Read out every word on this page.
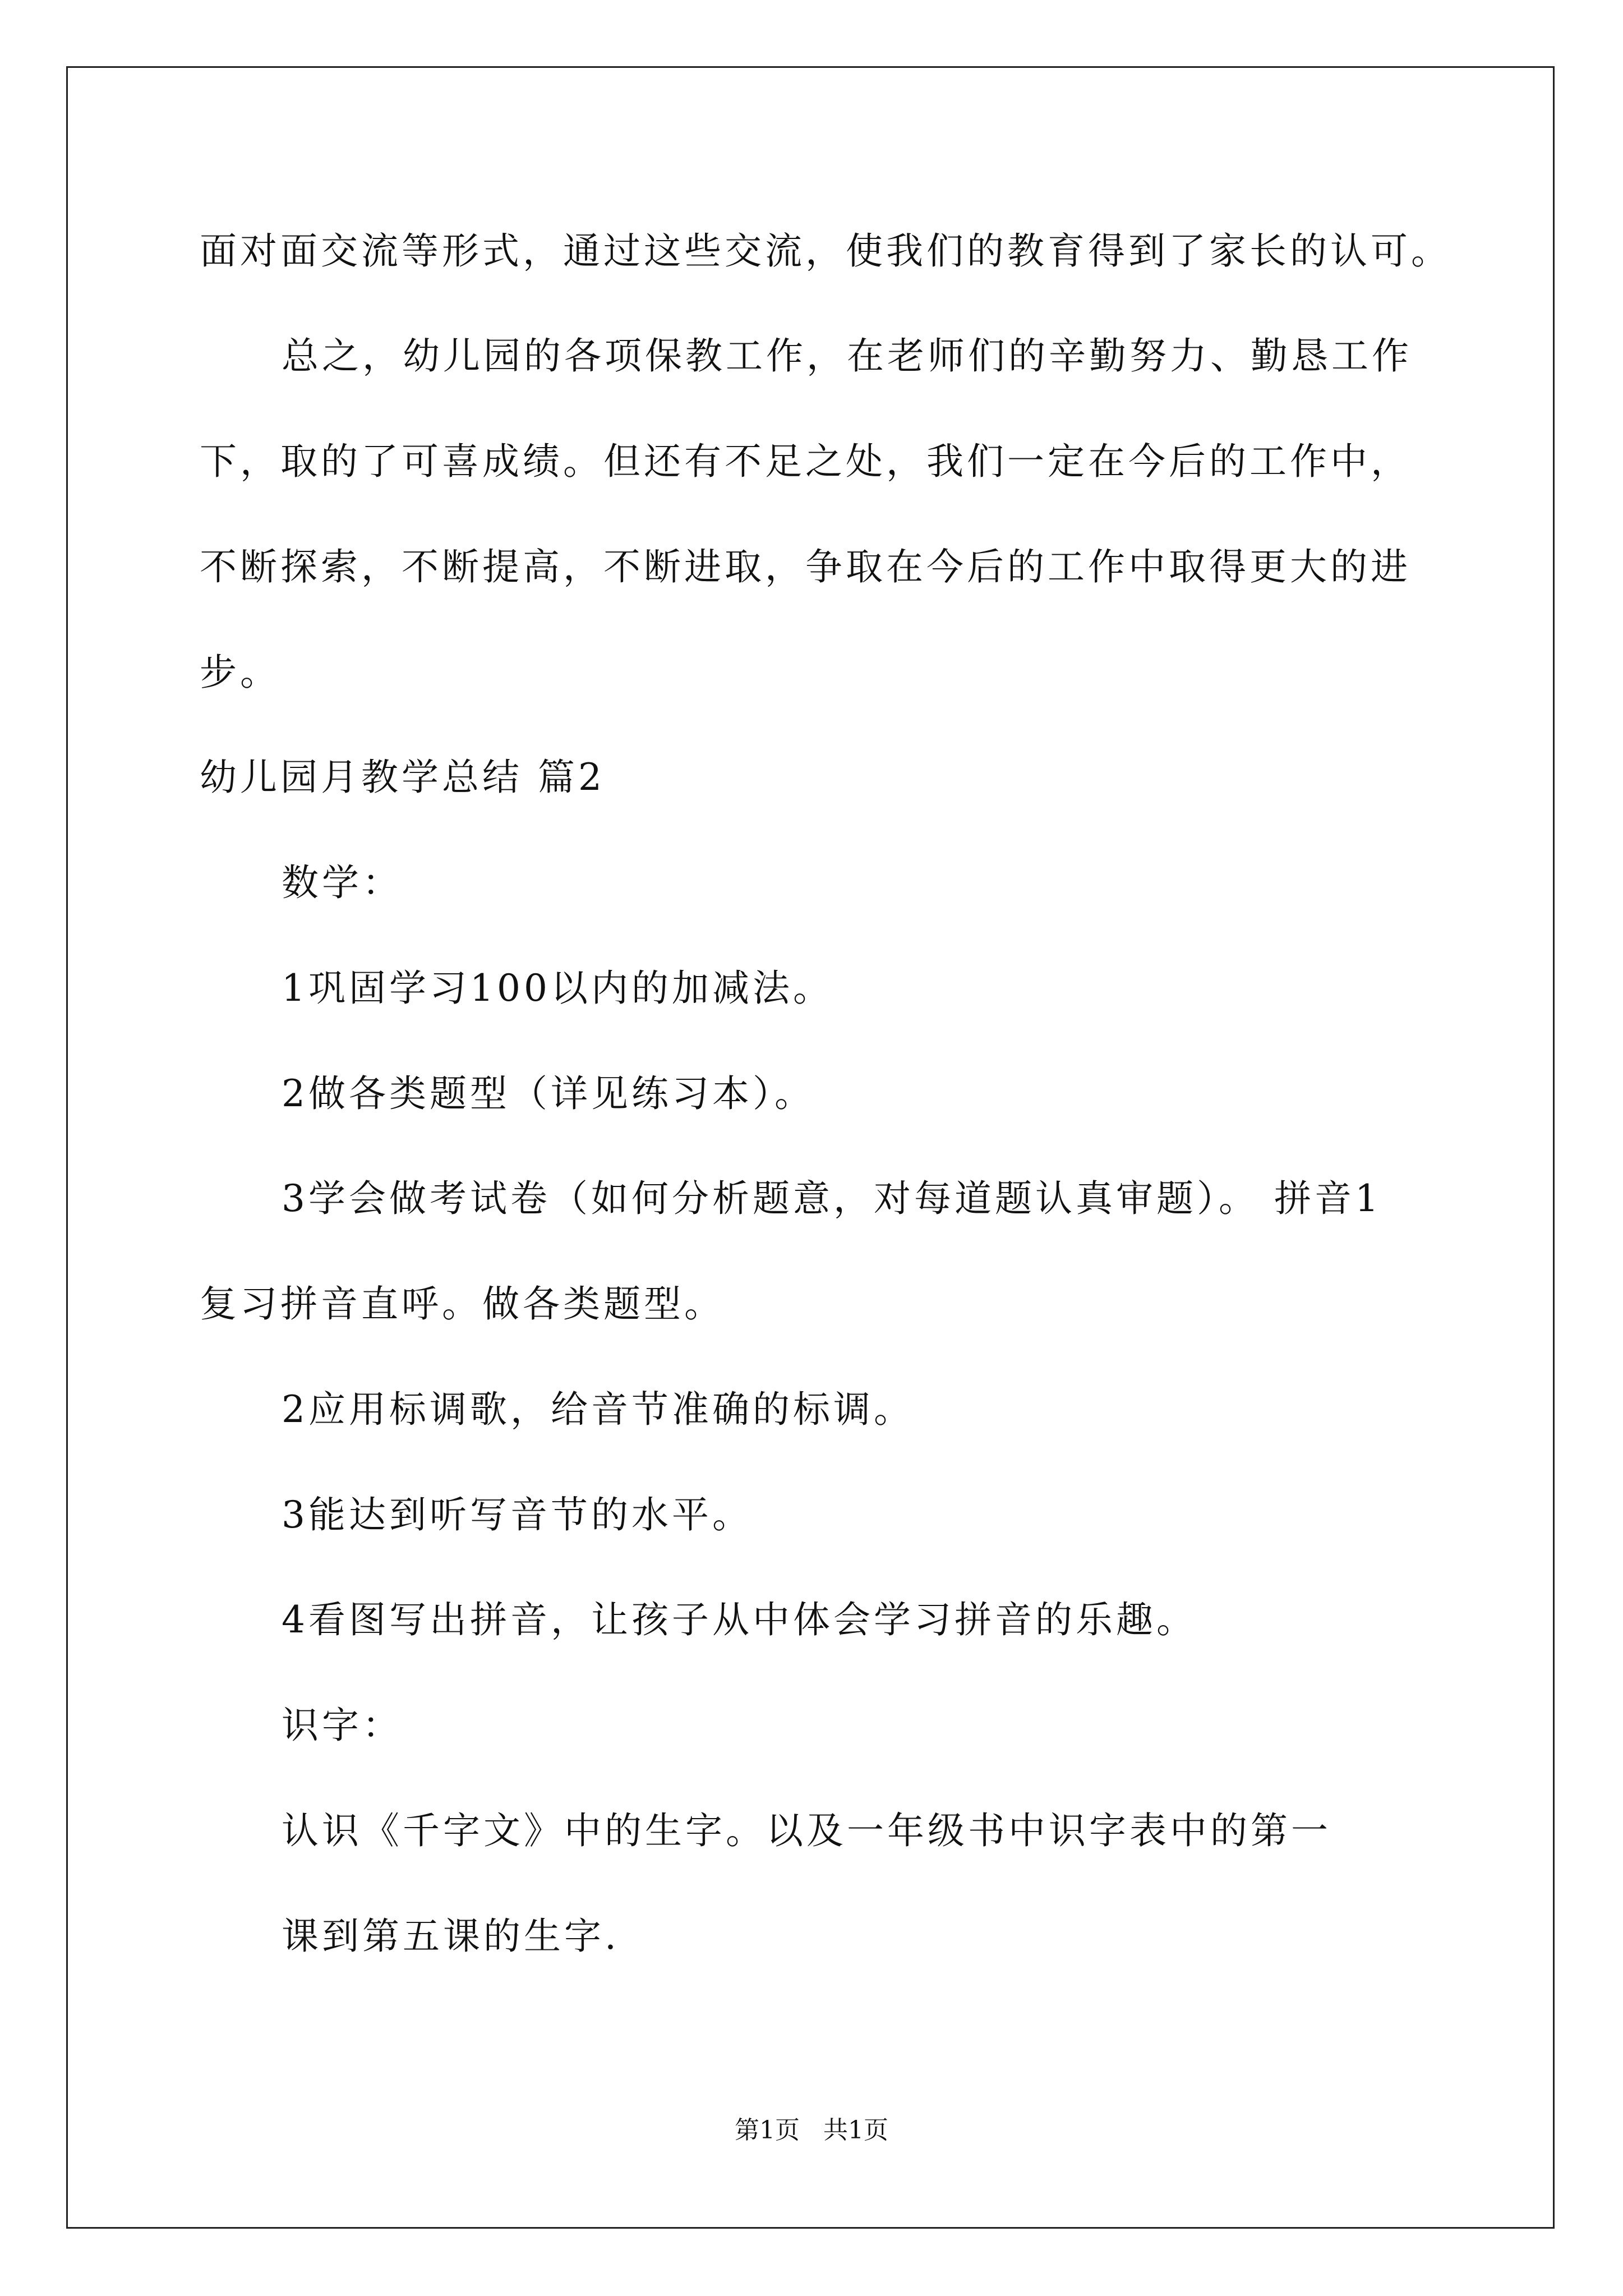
面对面交流等形式，通过这些交流，使我们的教育得到了家长的认可。
总之，幼儿园的各项保教工作，在老师们的辛勤努力、勤恳工作
下，取的了可喜成绩。但还有不足之处，我们一定在今后的工作中，
不断探索，不断提高，不断进取，争取在今后的工作中取得更大的进
步。
幼儿园月教学总结 篇2
数学：
1巩固学习100以内的加减法。
2做各类题型（详见练习本）。
3学会做考试卷（如何分析题意，对每道题认真审题）。 拼音1
复习拼音直呼。做各类题型。
2应用标调歌，给音节准确的标调。
3能达到听写音节的水平。
4看图写出拼音，让孩子从中体会学习拼音的乐趣。
识字：
认识《千字文》中的生字。以及一年级书中识字表中的第一
课到第五课的生字.
第1页   共1页
